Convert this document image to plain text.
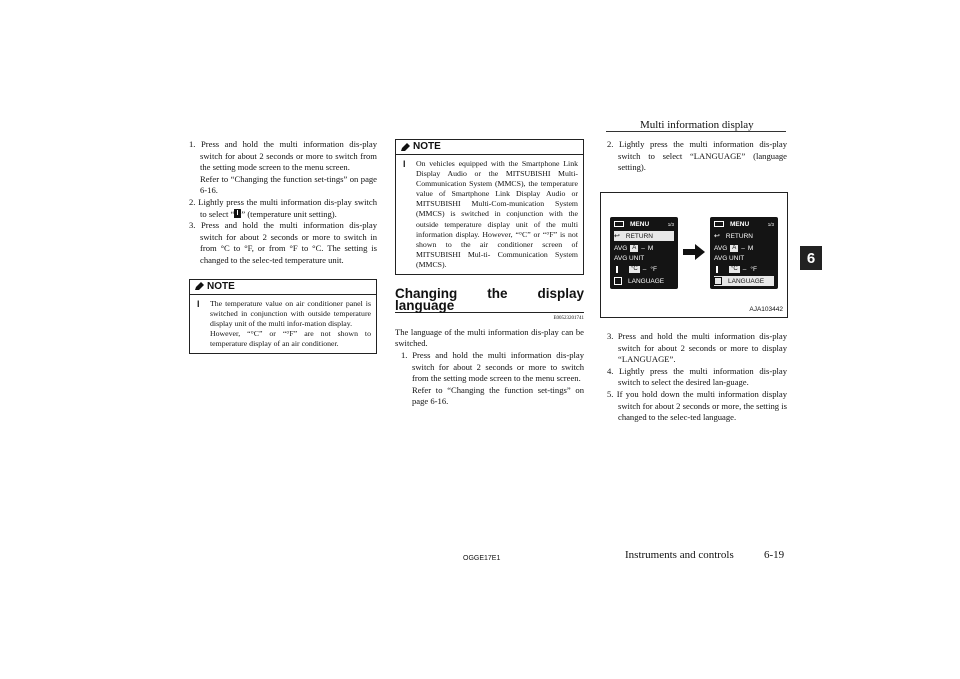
Multi information display
6

1. Press and hold the multi information dis-play switch for about 2 seconds or more to switch from the setting mode screen to the menu screen.

Refer to “Changing the function set-tings” on page 6-16.

2. Lightly press the multi information dis-play switch to select “ ” (temperature unit setting).

3. Press and hold the multi information dis-play switch for about 2 seconds or more to switch in from °C to °F, or from °F to °C. The setting is changed to the selec-ted temperature unit.

NOTE
l The temperature value on air conditioner panel is switched in conjunction with outside temperature display unit of the multi infor-mation display.
However, “°C” or “°F” are not shown to temperature display of an air conditioner.
NOTE
l On vehicles equipped with the Smartphone Link Display Audio or the MITSUBISHI Multi- Communication System (MMCS), the temperature value of Smartphone Link Display Audio or MITSUBISHI Multi-Com-munication System (MMCS) is switched in conjunction with the outside temperature display unit of the multi information display. However, “°C” or “°F” is not shown to the air conditioner screen of MITSUBISHI Mul-ti- Communication System (MMCS).
Changing the display language
E00523201741

The language of the multi information dis-play can be switched.

1. Press and hold the multi information dis-play switch for about 2 seconds or more to switch from the setting mode screen to the menu screen.

Refer to “Changing the function set-tings” on page 6-16.

2. Lightly press the multi information dis-play switch to select “LANGUAGE” (language setting).

MENU	1/3
↩ RETURN
AVG A – M
AVG UNIT
°C – °F
LANGUAGE
MENU	1/3
↩ RETURN
AVG A – M
AVG UNIT
°C – °F
LANGUAGE
AJA103442

3. Press and hold the multi information dis-play switch for about 2 seconds or more to display “LANGUAGE”.

4. Lightly press the multi information dis-play switch to select the desired lan-guage.

5. If you hold down the multi information display switch for about 2 seconds or more, the setting is changed to the selec-ted language.

OGGE17E1	Instruments and controls	6-19
